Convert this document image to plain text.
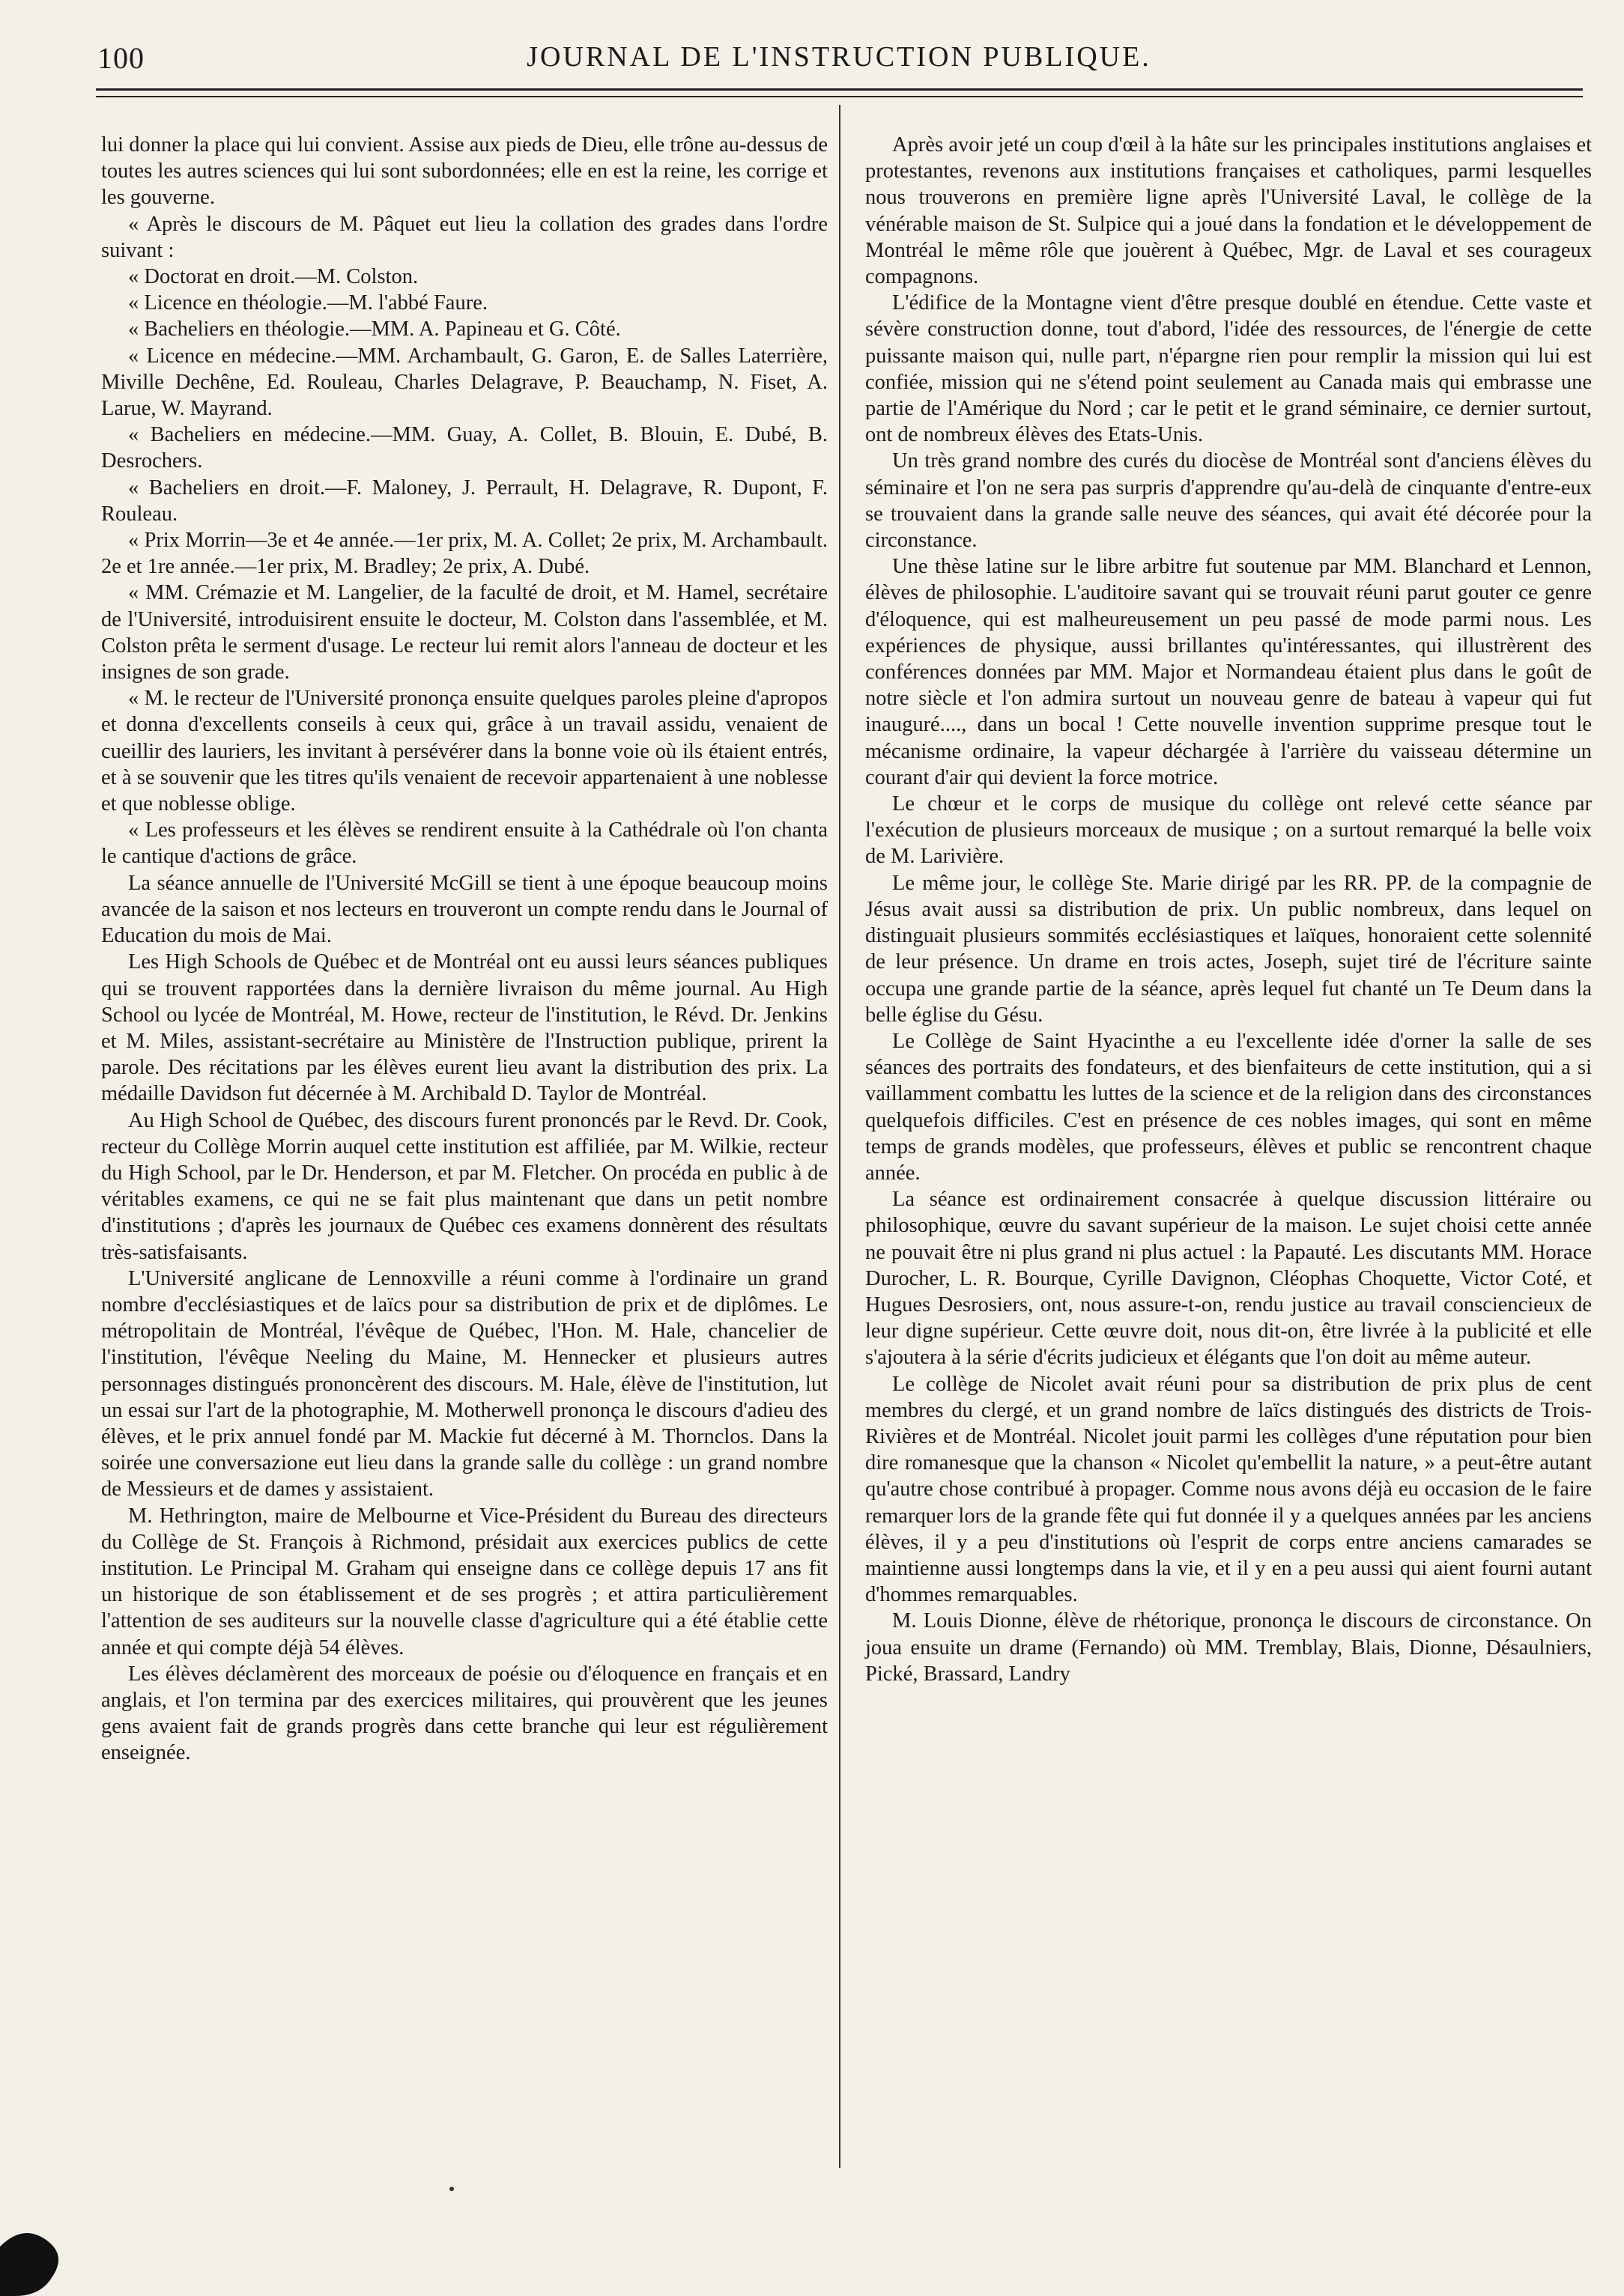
100	JOURNAL DE L'INSTRUCTION PUBLIQUE.

lui donner la place qui lui convient. Assise aux pieds de Dieu, elle trône au-dessus de toutes les autres sciences qui lui sont subordonnées; elle en est la reine, les corrige et les gouverne.

« Après le discours de M. Pâquet eut lieu la collation des grades dans l'ordre suivant :

« Doctorat en droit.—M. Colston.

« Licence en théologie.—M. l'abbé Faure.

« Bacheliers en théologie.—MM. A. Papineau et G. Côté.

« Licence en médecine.—MM. Archambault, G. Garon, E. de Salles Laterrière, Miville Dechêne, Ed. Rouleau, Charles Delagrave, P. Beauchamp, N. Fiset, A. Larue, W. Mayrand.

« Bacheliers en médecine.—MM. Guay, A. Collet, B. Blouin, E. Dubé, B. Desrochers.

« Bacheliers en droit.—F. Maloney, J. Perrault, H. Delagrave, R. Dupont, F. Rouleau.

« Prix Morrin—3e et 4e année.—1er prix, M. A. Collet; 2e prix, M. Archambault. 2e et 1re année.—1er prix, M. Bradley; 2e prix, A. Dubé.

« MM. Crémazie et M. Langelier, de la faculté de droit, et M. Hamel, secrétaire de l'Université, introduisirent ensuite le docteur, M. Colston dans l'assemblée, et M. Colston prêta le serment d'usage. Le recteur lui remit alors l'anneau de docteur et les insignes de son grade.

« M. le recteur de l'Université prononça ensuite quelques paroles pleine d'apropos et donna d'excellents conseils à ceux qui, grâce à un travail assidu, venaient de cueillir des lauriers, les invitant à persévérer dans la bonne voie où ils étaient entrés, et à se souvenir que les titres qu'ils venaient de recevoir appartenaient à une noblesse et que noblesse oblige.

« Les professeurs et les élèves se rendirent ensuite à la Cathédrale où l'on chanta le cantique d'actions de grâce.

La séance annuelle de l'Université McGill se tient à une époque beaucoup moins avancée de la saison et nos lecteurs en trouveront un compte rendu dans le Journal of Education du mois de Mai.

Les High Schools de Québec et de Montréal ont eu aussi leurs séances publiques qui se trouvent rapportées dans la dernière livraison du même journal. Au High School ou lycée de Montréal, M. Howe, recteur de l'institution, le Révd. Dr. Jenkins et M. Miles, assistant-secrétaire au Ministère de l'Instruction publique, prirent la parole. Des récitations par les élèves eurent lieu avant la distribution des prix. La médaille Davidson fut décernée à M. Archibald D. Taylor de Montréal.

Au High School de Québec, des discours furent prononcés par le Revd. Dr. Cook, recteur du Collège Morrin auquel cette institution est affiliée, par M. Wilkie, recteur du High School, par le Dr. Henderson, et par M. Fletcher. On procéda en public à de véritables examens, ce qui ne se fait plus maintenant que dans un petit nombre d'institutions ; d'après les journaux de Québec ces examens donnèrent des résultats très-satisfaisants.

L'Université anglicane de Lennoxville a réuni comme à l'ordinaire un grand nombre d'ecclésiastiques et de laïcs pour sa distribution de prix et de diplômes. Le métropolitain de Montréal, l'évêque de Québec, l'Hon. M. Hale, chancelier de l'institution, l'évêque Neeling du Maine, M. Hennecker et plusieurs autres personnages distingués prononcèrent des discours. M. Hale, élève de l'institution, lut un essai sur l'art de la photographie, M. Motherwell prononça le discours d'adieu des élèves, et le prix annuel fondé par M. Mackie fut décerné à M. Thornclos. Dans la soirée une conversazione eut lieu dans la grande salle du collège : un grand nombre de Messieurs et de dames y assistaient.

M. Hethrington, maire de Melbourne et Vice-Président du Bureau des directeurs du Collège de St. François à Richmond, présidait aux exercices publics de cette institution. Le Principal M. Graham qui enseigne dans ce collège depuis 17 ans fit un historique de son établissement et de ses progrès ; et attira particulièrement l'attention de ses auditeurs sur la nouvelle classe d'agriculture qui a été établie cette année et qui compte déjà 54 élèves.

Les élèves déclamèrent des morceaux de poésie ou d'éloquence en français et en anglais, et l'on termina par des exercices militaires, qui prouvèrent que les jeunes gens avaient fait de grands progrès dans cette branche qui leur est régulièrement enseignée.

Après avoir jeté un coup d'œil à la hâte sur les principales institutions anglaises et protestantes, revenons aux institutions françaises et catholiques, parmi lesquelles nous trouverons en première ligne après l'Université Laval, le collège de la vénérable maison de St. Sulpice qui a joué dans la fondation et le développement de Montréal le même rôle que jouèrent à Québec, Mgr. de Laval et ses courageux compagnons.

L'édifice de la Montagne vient d'être presque doublé en étendue. Cette vaste et sévère construction donne, tout d'abord, l'idée des ressources, de l'énergie de cette puissante maison qui, nulle part, n'épargne rien pour remplir la mission qui lui est confiée, mission qui ne s'étend point seulement au Canada mais qui embrasse une partie de l'Amérique du Nord ; car le petit et le grand séminaire, ce dernier surtout, ont de nombreux élèves des Etats-Unis.

Un très grand nombre des curés du diocèse de Montréal sont d'anciens élèves du séminaire et l'on ne sera pas surpris d'apprendre qu'au-delà de cinquante d'entre-eux se trouvaient dans la grande salle neuve des séances, qui avait été décorée pour la circonstance.

Une thèse latine sur le libre arbitre fut soutenue par MM. Blanchard et Lennon, élèves de philosophie. L'auditoire savant qui se trouvait réuni parut gouter ce genre d'éloquence, qui est malheureusement un peu passé de mode parmi nous. Les expériences de physique, aussi brillantes qu'intéressantes, qui illustrèrent des conférences données par MM. Major et Normandeau étaient plus dans le goût de notre siècle et l'on admira surtout un nouveau genre de bateau à vapeur qui fut inauguré...., dans un bocal ! Cette nouvelle invention supprime presque tout le mécanisme ordinaire, la vapeur déchargée à l'arrière du vaisseau détermine un courant d'air qui devient la force motrice.

Le chœur et le corps de musique du collège ont relevé cette séance par l'exécution de plusieurs morceaux de musique ; on a surtout remarqué la belle voix de M. Larivière.

Le même jour, le collège Ste. Marie dirigé par les RR. PP. de la compagnie de Jésus avait aussi sa distribution de prix. Un public nombreux, dans lequel on distinguait plusieurs sommités ecclésiastiques et laïques, honoraient cette solennité de leur présence. Un drame en trois actes, Joseph, sujet tiré de l'écriture sainte occupa une grande partie de la séance, après lequel fut chanté un Te Deum dans la belle église du Gésu.

Le Collège de Saint Hyacinthe a eu l'excellente idée d'orner la salle de ses séances des portraits des fondateurs, et des bienfaiteurs de cette institution, qui a si vaillamment combattu les luttes de la science et de la religion dans des circonstances quelquefois difficiles. C'est en présence de ces nobles images, qui sont en même temps de grands modèles, que professeurs, élèves et public se rencontrent chaque année.

La séance est ordinairement consacrée à quelque discussion littéraire ou philosophique, œuvre du savant supérieur de la maison. Le sujet choisi cette année ne pouvait être ni plus grand ni plus actuel : la Papauté. Les discutants MM. Horace Durocher, L. R. Bourque, Cyrille Davignon, Cléophas Choquette, Victor Coté, et Hugues Desrosiers, ont, nous assure-t-on, rendu justice au travail consciencieux de leur digne supérieur. Cette œuvre doit, nous dit-on, être livrée à la publicité et elle s'ajoutera à la série d'écrits judicieux et élégants que l'on doit au même auteur.

Le collège de Nicolet avait réuni pour sa distribution de prix plus de cent membres du clergé, et un grand nombre de laïcs distingués des districts de Trois-Rivières et de Montréal. Nicolet jouit parmi les collèges d'une réputation pour bien dire romanesque que la chanson « Nicolet qu'embellit la nature, » a peut-être autant qu'autre chose contribué à propager. Comme nous avons déjà eu occasion de le faire remarquer lors de la grande fête qui fut donnée il y a quelques années par les anciens élèves, il y a peu d'institutions où l'esprit de corps entre anciens camarades se maintienne aussi longtemps dans la vie, et il y en a peu aussi qui aient fourni autant d'hommes remarquables.

M. Louis Dionne, élève de rhétorique, prononça le discours de circonstance. On joua ensuite un drame (Fernando) où MM. Tremblay, Blais, Dionne, Désaulniers, Pické, Brassard, Landry
